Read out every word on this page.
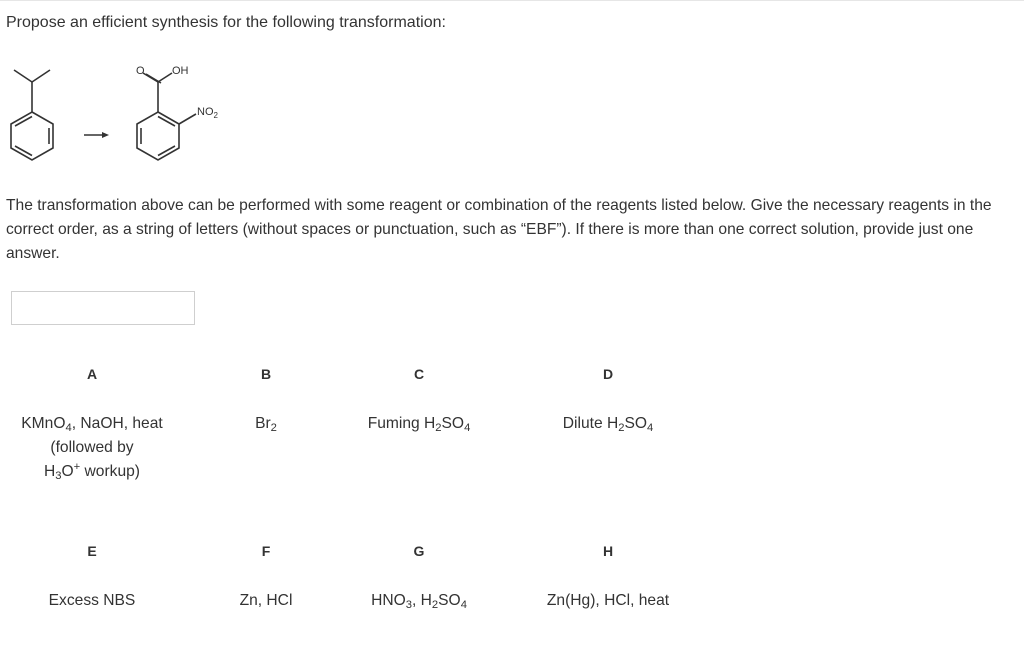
Propose an efficient synthesis for the following transformation:
O OH
$NO_2$
The transformation above can be performed with some reagent or combination of the reagents listed below. Give the necessary reagents in the correct order, as a string of letters (without spaces or punctuation, such as “EBF”). If there is more than one correct solution, provide just one answer.
A
KMnO$_4$, NaOH, heat
(followed by
$H_3O^+$ workup)
B
$Br_2$
C
Fuming $H_2SO_4$
D
Dilute $H_2SO_4$
E
Excess NBS
F
Zn, HCl
G
$HNO_3$, $H_2SO_4$
H
Zn(Hg), HCl, heat
